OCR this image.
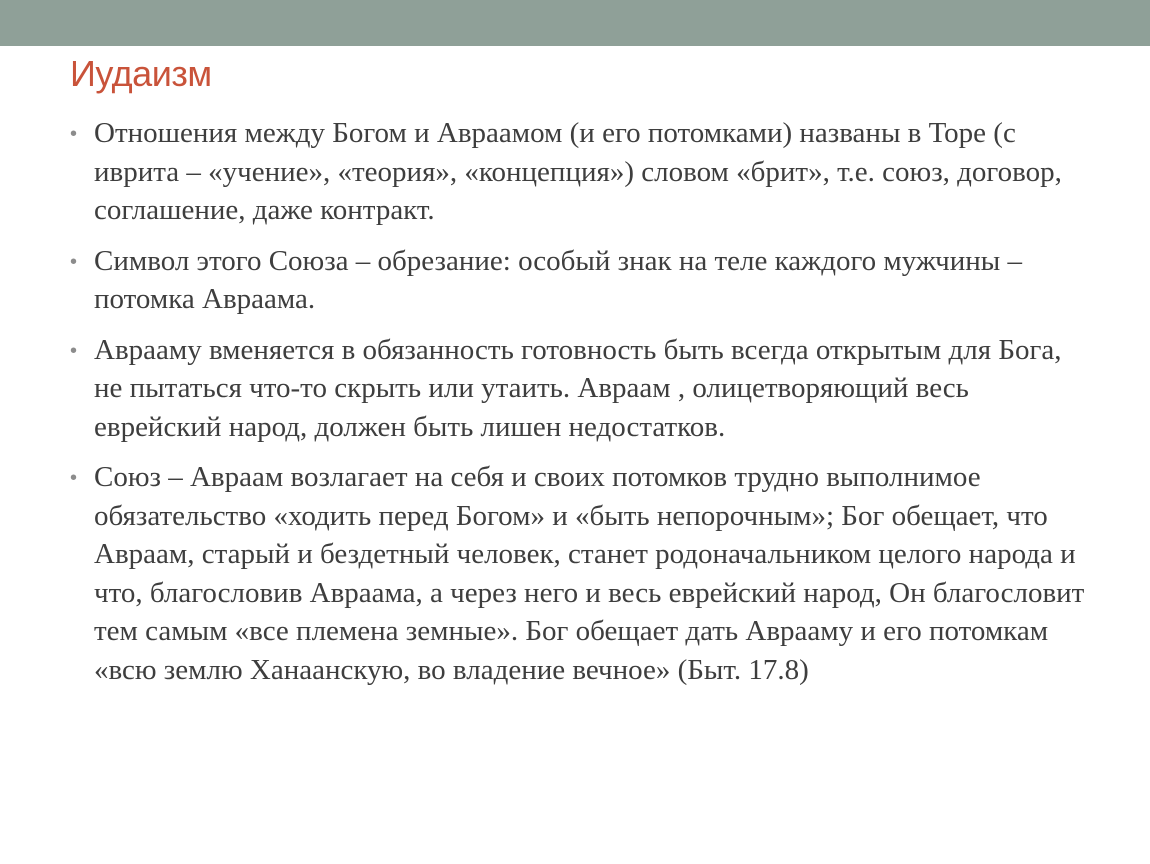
Иудаизм
• Отношения между Богом и Авраамом (и его потомками) названы в Торе (с иврита – «учение», «теория», «концепция») словом «брит», т.е. союз, договор, соглашение, даже контракт.
• Символ этого Союза – обрезание: особый знак на теле каждого мужчины – потомка Авраама.
• Аврааму вменяется в обязанность готовность быть всегда открытым для Бога, не пытаться что-то скрыть или утаить. Авраам , олицетворяющий весь еврейский народ, должен быть лишен недостатков.
• Союз – Авраам возлагает на себя и своих потомков трудно выполнимое обязательство «ходить перед Богом» и «быть непорочным»; Бог обещает, что Авраам, старый и бездетный человек, станет родоначальником целого народа и что, благословив Авраама, а через него и весь еврейский народ, Он благословит тем самым «все племена земные». Бог обещает дать Аврааму и его потомкам «всю землю Ханаанскую, во владение вечное» (Быт. 17.8)
